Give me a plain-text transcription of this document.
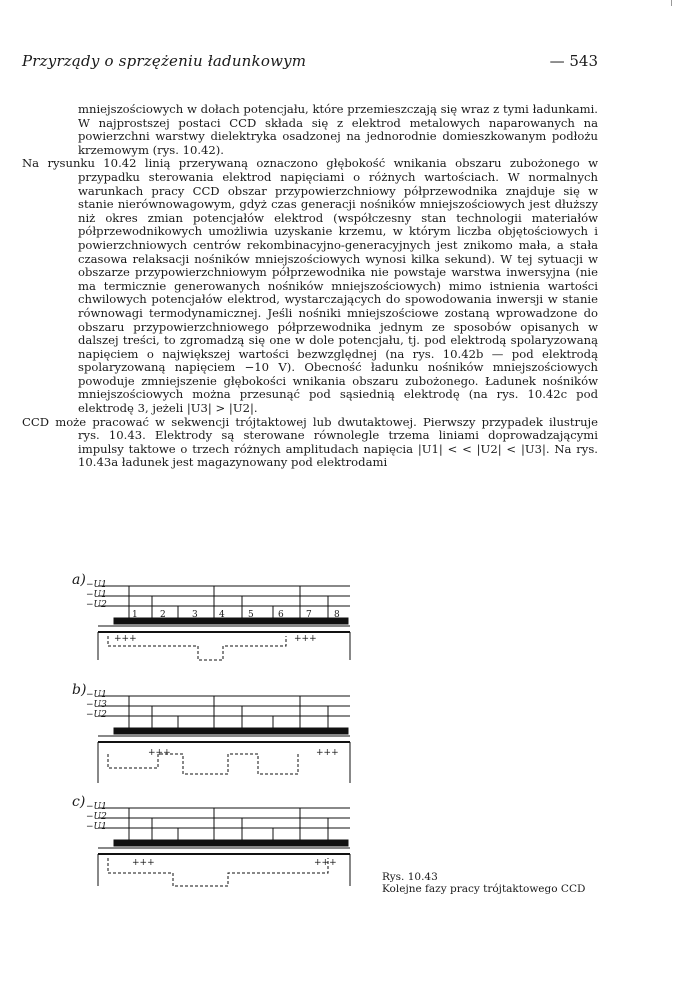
Przyrządy o sprzężeniu ładunkowym	— 543

mniejszościowych w dołach potencjału, które przemieszczają się wraz z tymi ładunkami. W najprostszej postaci CCD składa się z elektrod metalowych naparowanych na powierzchni warstwy dielektryka osadzonej na jednorodnie domieszkowanym podłożu krzemowym (rys. 10.42).

Na rysunku 10.42 linią przerywaną oznaczono głębokość wnikania obszaru zubożonego w przypadku sterowania elektrod napięciami o różnych wartościach. W normalnych warunkach pracy CCD obszar przypowierzchniowy półprzewodnika znajduje się w stanie nierównowagowym, gdyż czas generacji nośników mniejszościowych jest dłuższy niż okres zmian potencjałów elektrod (współczesny stan technologii materiałów półprzewodnikowych umożliwia uzyskanie krzemu, w którym liczba objętościowych i powierzchniowych centrów rekombinacyjno-generacyjnych jest znikomo mała, a stała czasowa relaksacji nośników mniejszościowych wynosi kilka sekund). W tej sytuacji w obszarze przypowierzchniowym półprzewodnika nie powstaje warstwa inwersyjna (nie ma termicznie generowanych nośników mniejszościowych) mimo istnienia wartości chwilowych potencjałów elektrod, wystarczających do spowodowania inwersji w stanie równowagi termodynamicznej. Jeśli nośniki mniejszościowe zostaną wprowadzone do obszaru przypowierzchniowego półprzewodnika jednym ze sposobów opisanych w dalszej treści, to zgromadzą się one w dole potencjału, tj. pod elektrodą spolaryzowaną napięciem o największej wartości bezwzględnej (na rys. 10.42b — pod elektrodą spolaryzowaną napięciem −10 V). Obecność ładunku nośników mniejszościowych powoduje zmniejszenie głębokości wnikania obszaru zubożonego. Ładunek nośników mniejszościowych można przesunąć pod sąsiednią elektrodę (na rys. 10.42c pod elektrodę 3, jeżeli |U3| > |U2|.

CCD może pracować w sekwencji trójtaktowej lub dwutaktowej. Pierwszy przypadek ilustruje rys. 10.43. Elektrody są sterowane równolegle trzema liniami doprowadzającymi impulsy taktowe o trzech różnych amplitudach napięcia |U1| < < |U2| < |U3|. Na rys. 10.43a ładunek jest magazynowany pod elektrodami

a) −U1
−U1
−U2
1 2	3 4	5	6 7 8
+++	+++
b) −U1
−U3
−U2
+++	+++
c) −U1
−U2
−U1
+++	+++
Rys. 10.43
Kolejne fazy pracy trójtaktowego CCD
